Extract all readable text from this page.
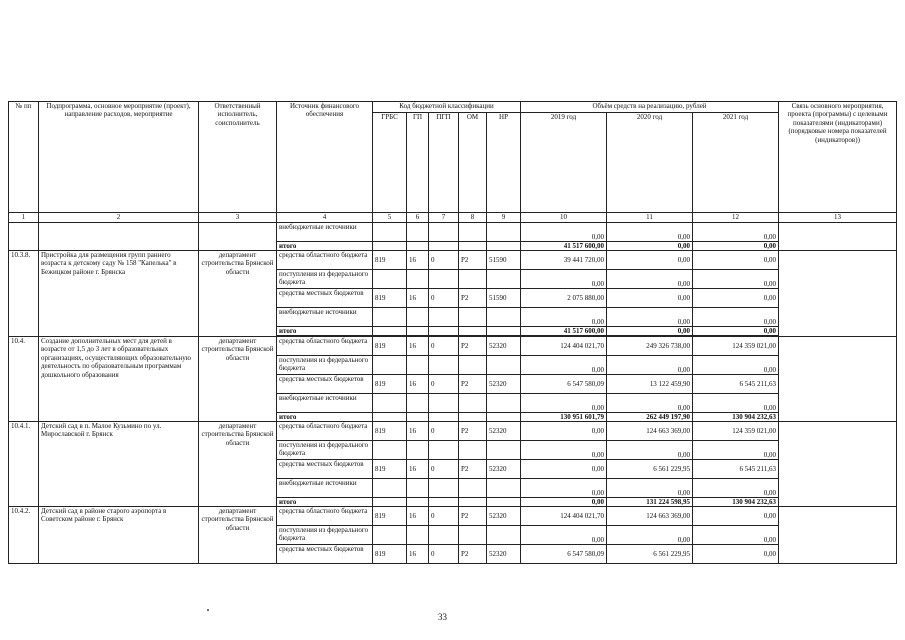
№ пп	Подпрограмма, основное мероприятие (проект), направление расходов, мероприятие	Ответственный исполнитель, соисполнитель	Источник финансового обеспечения	Код бюджетной классификации					Объём средств на реализацию, рублей			Связь основного мероприятия, проекта (программы) с целевыми показателями (индикаторами) (порядковые номера показателей (индикаторов))
				ГРБС	ГП	ПГП	ОМ	НР	2019 год	2020 год	2021 год	
1	2	3	4	5	6	7	8	9	10	11	12	13
			внебюджетные источники						0,00	0,00	0,00	
			итого						41 517 600,00	0,00	0,00	
10.3.8.	Пристройка для размещения групп раннего возраста к детскому саду № 158 "Капелька" в Бежицком районе г. Брянска	департамент строительства Брянской области	средства областного бюджета	819	16	0	Р2	51590	39 441 720,00	0,00	0,00	
			поступления из федерального бюджета						0,00	0,00	0,00	
			средства местных бюджетов	819	16	0	Р2	51590	2 075 880,00	0,00	0,00	
			внебюджетные источники						0,00	0,00	0,00	
			итого						41 517 600,00	0,00	0,00	

10.4.	Создание дополнительных мест для детей в возрасте от 1,5 до 3 лет в образовательных организациях, осуществляющих образовательную деятельность по образовательным программам дошкольного образования	департамент строительства Брянской области	средства областного бюджета	819	16	0	Р2	52320	124 404 021,70	249 326 738,00	124 359 021,00	
			поступления из федерального бюджета						0,00	0,00	0,00	
			средства местных бюджетов	819	16	0	Р2	52320	6 547 580,09	13 122 459,90	6 545 211,63	
			внебюджетные источники						0,00	0,00	0,00	
			итого						130 951 601,79	262 449 197,90	130 904 232,63	
10.4.1.	Детский сад в п. Малое Кузьмино по ул. Мирославской г. Брянск	департамент строительства Брянской области	средства областного бюджета	819	16	0	Р2	52320	0,00	124 663 369,00	124 359 021,00	
			поступления из федерального бюджета						0,00	0,00	0,00	
			средства местных бюджетов	819	16	0	Р2	52320	0,00	6 561 229,95	6 545 211,63	
			внебюджетные источники						0,00	0,00	0,00	
			итого						0,00	131 224 598,95	130 904 232,63	
10.4.2.	Детский сад в районе старого аэропорта в Советском районе г. Брянск	департамент строительства Брянской области	средства областного бюджета	819	16	0	Р2	52320	124 404 021,70	124 663 369,00	0,00	
			поступления из федерального бюджета						0,00	0,00	0,00	
			средства местных бюджетов	819	16	0	Р2	52320	6 547 580,09	6 561 229,95	0,00	
33
